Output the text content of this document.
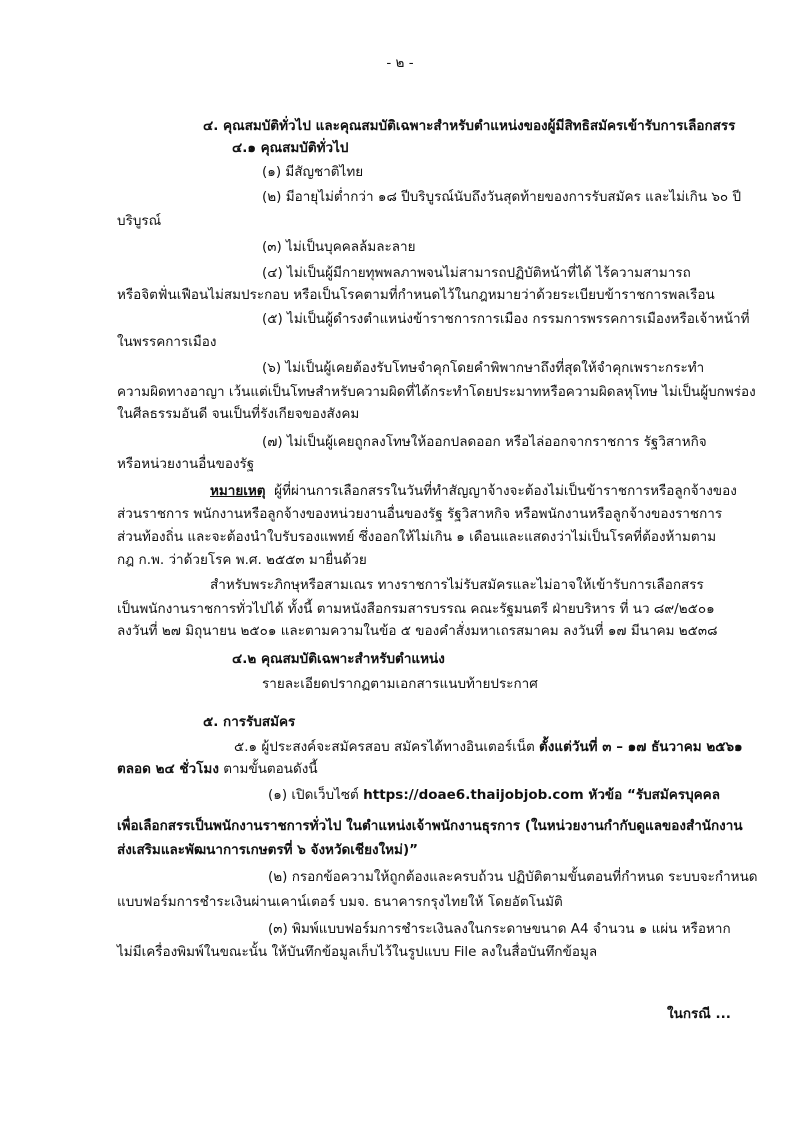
- ๒ -
๔. คุณสมบัติทั่วไป และคุณสมบัติเฉพาะสำหรับตำแหน่งของผู้มีสิทธิสมัครเข้ารับการเลือกสรร
๔.๑ คุณสมบัติทั่วไป
(๑) มีสัญชาติไทย
(๒) มีอายุไม่ต่ำกว่า ๑๘ ปีบริบูรณ์นับถึงวันสุดท้ายของการรับสมัคร และไม่เกิน ๖๐ ปี
บริบูรณ์
(๓) ไม่เป็นบุคคลล้มละลาย
(๔) ไม่เป็นผู้มีกายทุพพลภาพจนไม่สามารถปฏิบัติหน้าที่ได้ ไร้ความสามารถ
หรือจิตฟั่นเฟือนไม่สมประกอบ หรือเป็นโรคตามที่กำหนดไว้ในกฎหมายว่าด้วยระเบียบข้าราชการพลเรือน
(๕) ไม่เป็นผู้ดำรงตำแหน่งข้าราชการการเมือง กรรมการพรรคการเมืองหรือเจ้าหน้าที่
ในพรรคการเมือง
(๖) ไม่เป็นผู้เคยต้องรับโทษจำคุกโดยคำพิพากษาถึงที่สุดให้จำคุกเพราะกระทำ
ความผิดทางอาญา เว้นแต่เป็นโทษสำหรับความผิดที่ได้กระทำโดยประมาทหรือความผิดลหุโทษ ไม่เป็นผู้บกพร่อง
ในศีลธรรมอันดี จนเป็นที่รังเกียจของสังคม
(๗) ไม่เป็นผู้เคยถูกลงโทษให้ออกปลดออก หรือไล่ออกจากราชการ รัฐวิสาหกิจ
หรือหน่วยงานอื่นของรัฐ
หมายเหตุ ผู้ที่ผ่านการเลือกสรรในวันที่ทำสัญญาจ้างจะต้องไม่เป็นข้าราชการหรือลูกจ้างของ
ส่วนราชการ พนักงานหรือลูกจ้างของหน่วยงานอื่นของรัฐ รัฐวิสาหกิจ หรือพนักงานหรือลูกจ้างของราชการ
ส่วนท้องถิ่น และจะต้องนำใบรับรองแพทย์ ซึ่งออกให้ไม่เกิน ๑ เดือนและแสดงว่าไม่เป็นโรคที่ต้องห้ามตาม
กฎ ก.พ. ว่าด้วยโรค พ.ศ. ๒๕๕๓ มายื่นด้วย
สำหรับพระภิกษุหรือสามเณร ทางราชการไม่รับสมัครและไม่อาจให้เข้ารับการเลือกสรร
เป็นพนักงานราชการทั่วไปได้ ทั้งนี้ ตามหนังสือกรมสารบรรณ คณะรัฐมนตรี ฝ่ายบริหาร ที่ นว ๘๙/๒๕๐๑
ลงวันที่ ๒๗ มิถุนายน ๒๕๐๑ และตามความในข้อ ๕ ของคำสั่งมหาเถรสมาคม ลงวันที่ ๑๗ มีนาคม ๒๕๓๘
๔.๒ คุณสมบัติเฉพาะสำหรับตำแหน่ง
รายละเอียดปรากฏตามเอกสารแนบท้ายประกาศ
๕. การรับสมัคร
๕.๑ ผู้ประสงค์จะสมัครสอบ สมัครได้ทางอินเตอร์เน็ต ตั้งแต่วันที่ ๓ – ๑๗ ธันวาคม ๒๕๖๑
ตลอด ๒๔ ชั่วโมง ตามขั้นตอนดังนี้
(๑) เปิดเว็บไซต์ https://doae6.thaijobjob.com หัวข้อ “รับสมัครบุคคล
เพื่อเลือกสรรเป็นพนักงานราชการทั่วไป ในตำแหน่งเจ้าพนักงานธุรการ (ในหน่วยงานกำกับดูแลของสำนักงาน
ส่งเสริมและพัฒนาการเกษตรที่ ๖ จังหวัดเชียงใหม่)”
(๒) กรอกข้อความให้ถูกต้องและครบถ้วน ปฏิบัติตามขั้นตอนที่กำหนด ระบบจะกำหนด
แบบฟอร์มการชำระเงินผ่านเคาน์เตอร์ บมจ. ธนาคารกรุงไทยให้ โดยอัตโนมัติ
(๓) พิมพ์แบบฟอร์มการชำระเงินลงในกระดาษขนาด A4 จำนวน ๑ แผ่น หรือหาก
ไม่มีเครื่องพิมพ์ในขณะนั้น ให้บันทึกข้อมูลเก็บไว้ในรูปแบบ File ลงในสื่อบันทึกข้อมูล
ในกรณี ...
